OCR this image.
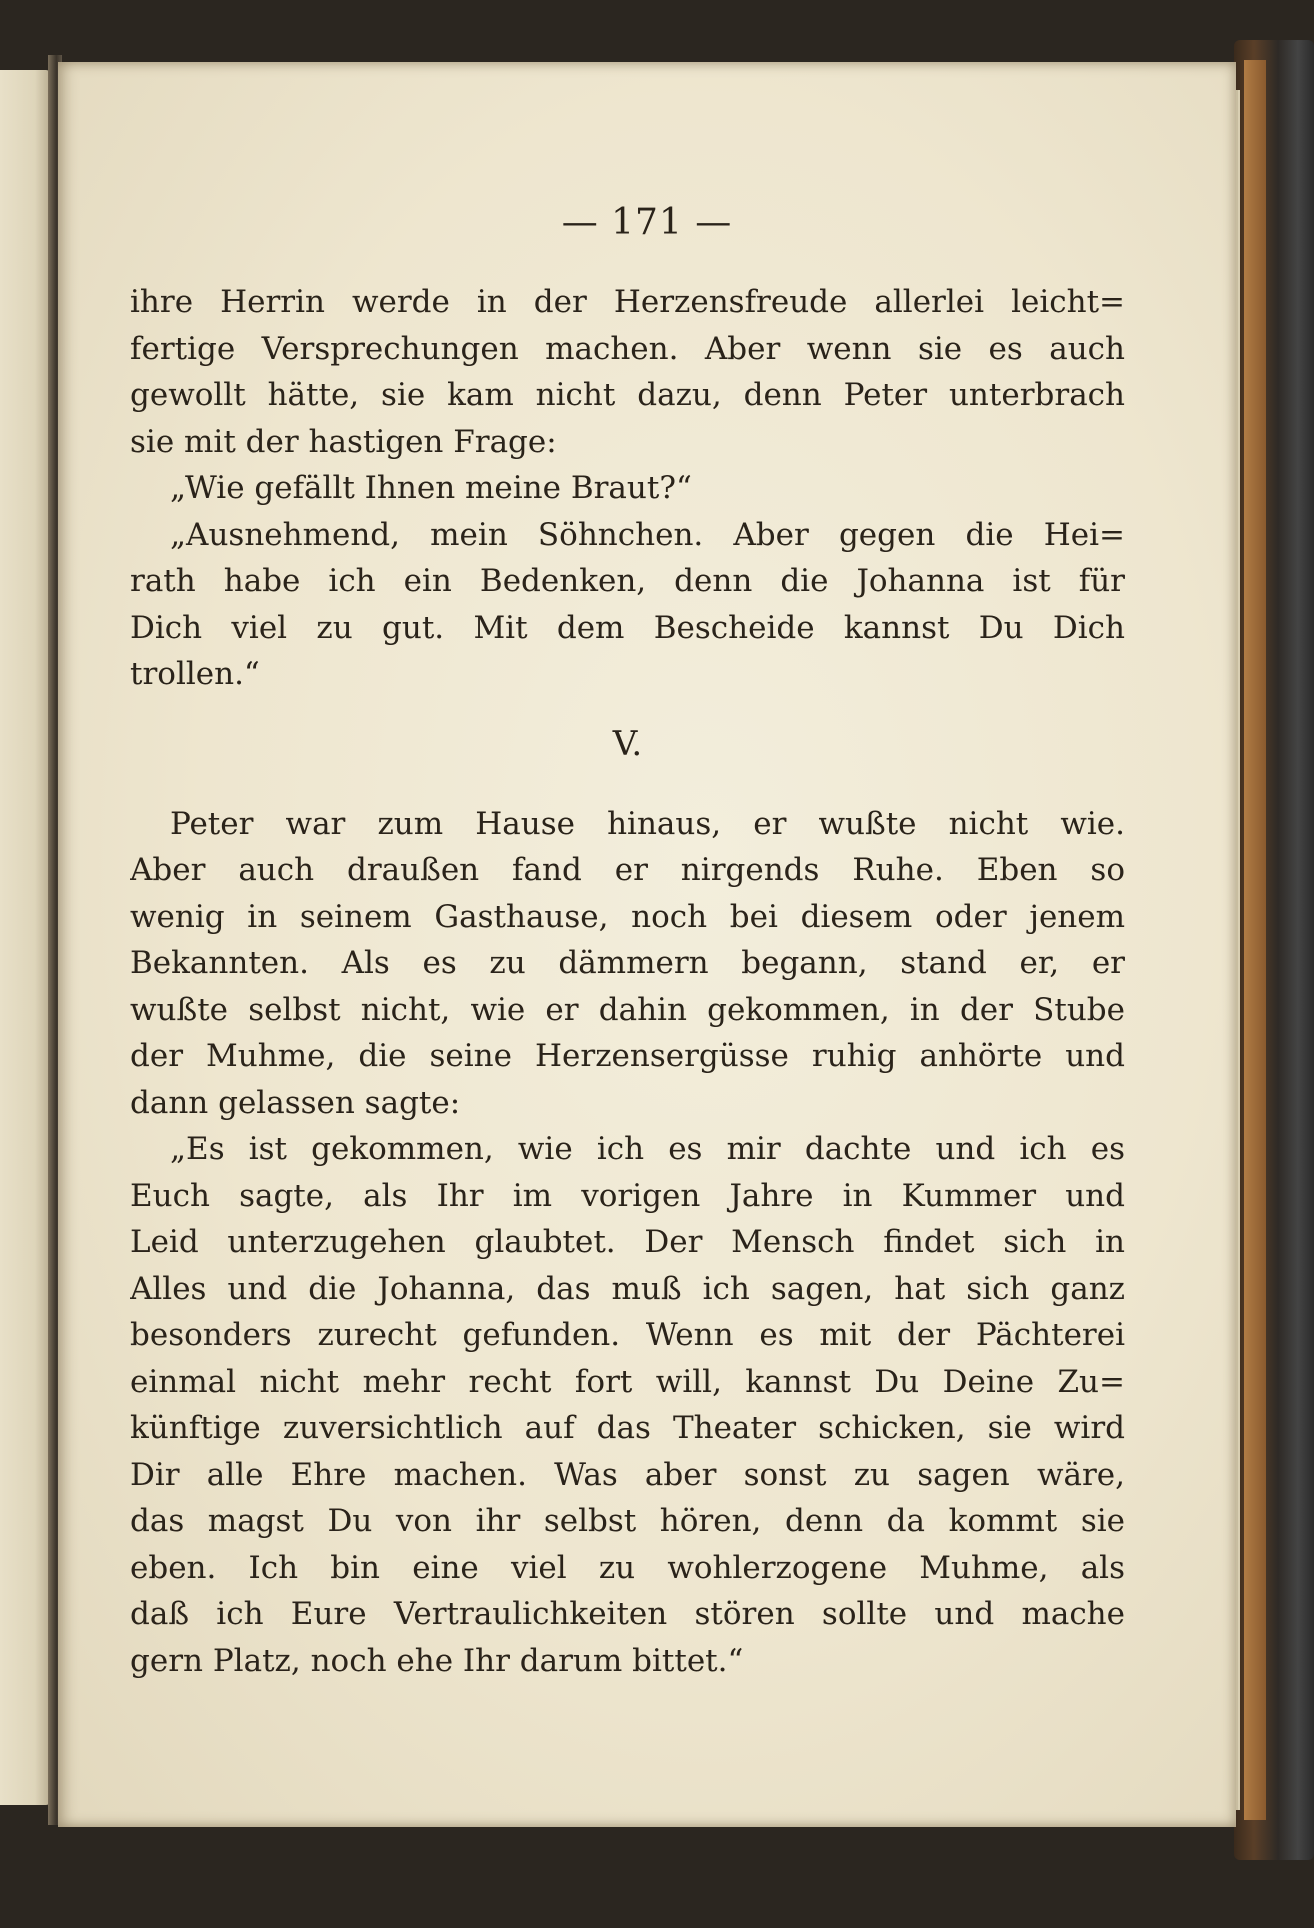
— 171 —
ihre Herrin werde in der Herzensfreude allerlei leicht=
fertige Versprechungen machen. Aber wenn sie es auch
gewollt hätte, sie kam nicht dazu, denn Peter unterbrach
sie mit der hastigen Frage:
„Wie gefällt Ihnen meine Braut?“
„Ausnehmend, mein Söhnchen. Aber gegen die Hei=
rath habe ich ein Bedenken, denn die Johanna ist für
Dich viel zu gut. Mit dem Bescheide kannst Du Dich
trollen.“
V.
Peter war zum Hause hinaus, er wußte nicht wie.
Aber auch draußen fand er nirgends Ruhe. Eben so
wenig in seinem Gasthause, noch bei diesem oder jenem
Bekannten. Als es zu dämmern begann, stand er, er
wußte selbst nicht, wie er dahin gekommen, in der Stube
der Muhme, die seine Herzensergüsse ruhig anhörte und
dann gelassen sagte:
„Es ist gekommen, wie ich es mir dachte und ich es
Euch sagte, als Ihr im vorigen Jahre in Kummer und
Leid unterzugehen glaubtet. Der Mensch findet sich in
Alles und die Johanna, das muß ich sagen, hat sich ganz
besonders zurecht gefunden. Wenn es mit der Pächterei
einmal nicht mehr recht fort will, kannst Du Deine Zu=
künftige zuversichtlich auf das Theater schicken, sie wird
Dir alle Ehre machen. Was aber sonst zu sagen wäre,
das magst Du von ihr selbst hören, denn da kommt sie
eben. Ich bin eine viel zu wohlerzogene Muhme, als
daß ich Eure Vertraulichkeiten stören sollte und mache
gern Platz, noch ehe Ihr darum bittet.“
